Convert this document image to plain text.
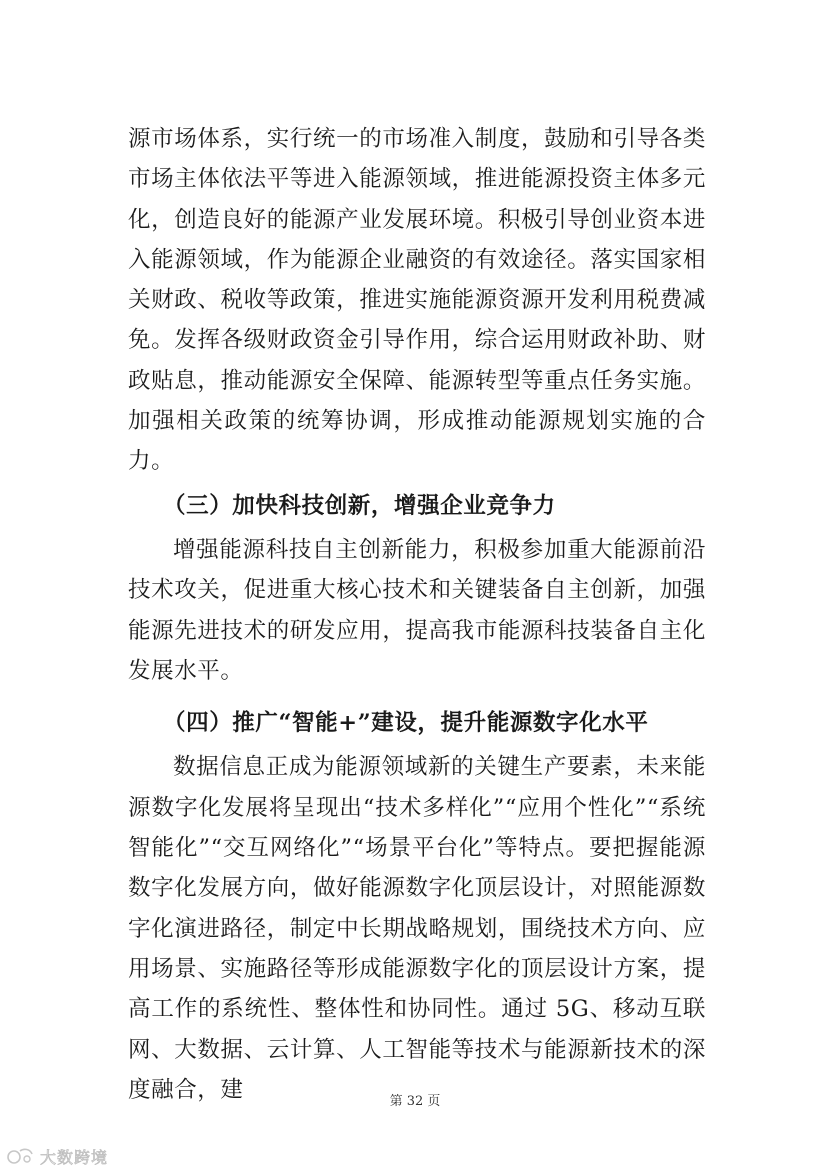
源市场体系，实行统一的市场准入制度，鼓励和引导各类市场主体依法平等进入能源领域，推进能源投资主体多元化，创造良好的能源产业发展环境。积极引导创业资本进入能源领域，作为能源企业融资的有效途径。落实国家相关财政、税收等政策，推进实施能源资源开发利用税费减免。发挥各级财政资金引导作用，综合运用财政补助、财政贴息，推动能源安全保障、能源转型等重点任务实施。加强相关政策的统筹协调，形成推动能源规划实施的合力。

（三）加快科技创新，增强企业竞争力

增强能源科技自主创新能力，积极参加重大能源前沿技术攻关，促进重大核心技术和关键装备自主创新，加强能源先进技术的研发应用，提高我市能源科技装备自主化发展水平。

（四）推广“智能+”建设，提升能源数字化水平

数据信息正成为能源领域新的关键生产要素，未来能源数字化发展将呈现出“技术多样化”“应用个性化”“系统智能化”“交互网络化”“场景平台化”等特点。要把握能源数字化发展方向，做好能源数字化顶层设计，对照能源数字化演进路径，制定中长期战略规划，围绕技术方向、应用场景、实施路径等形成能源数字化的顶层设计方案，提高工作的系统性、整体性和协同性。通过 5G、移动互联网、大数据、云计算、人工智能等技术与能源新技术的深度融合，建	第 32 页
大数跨境
